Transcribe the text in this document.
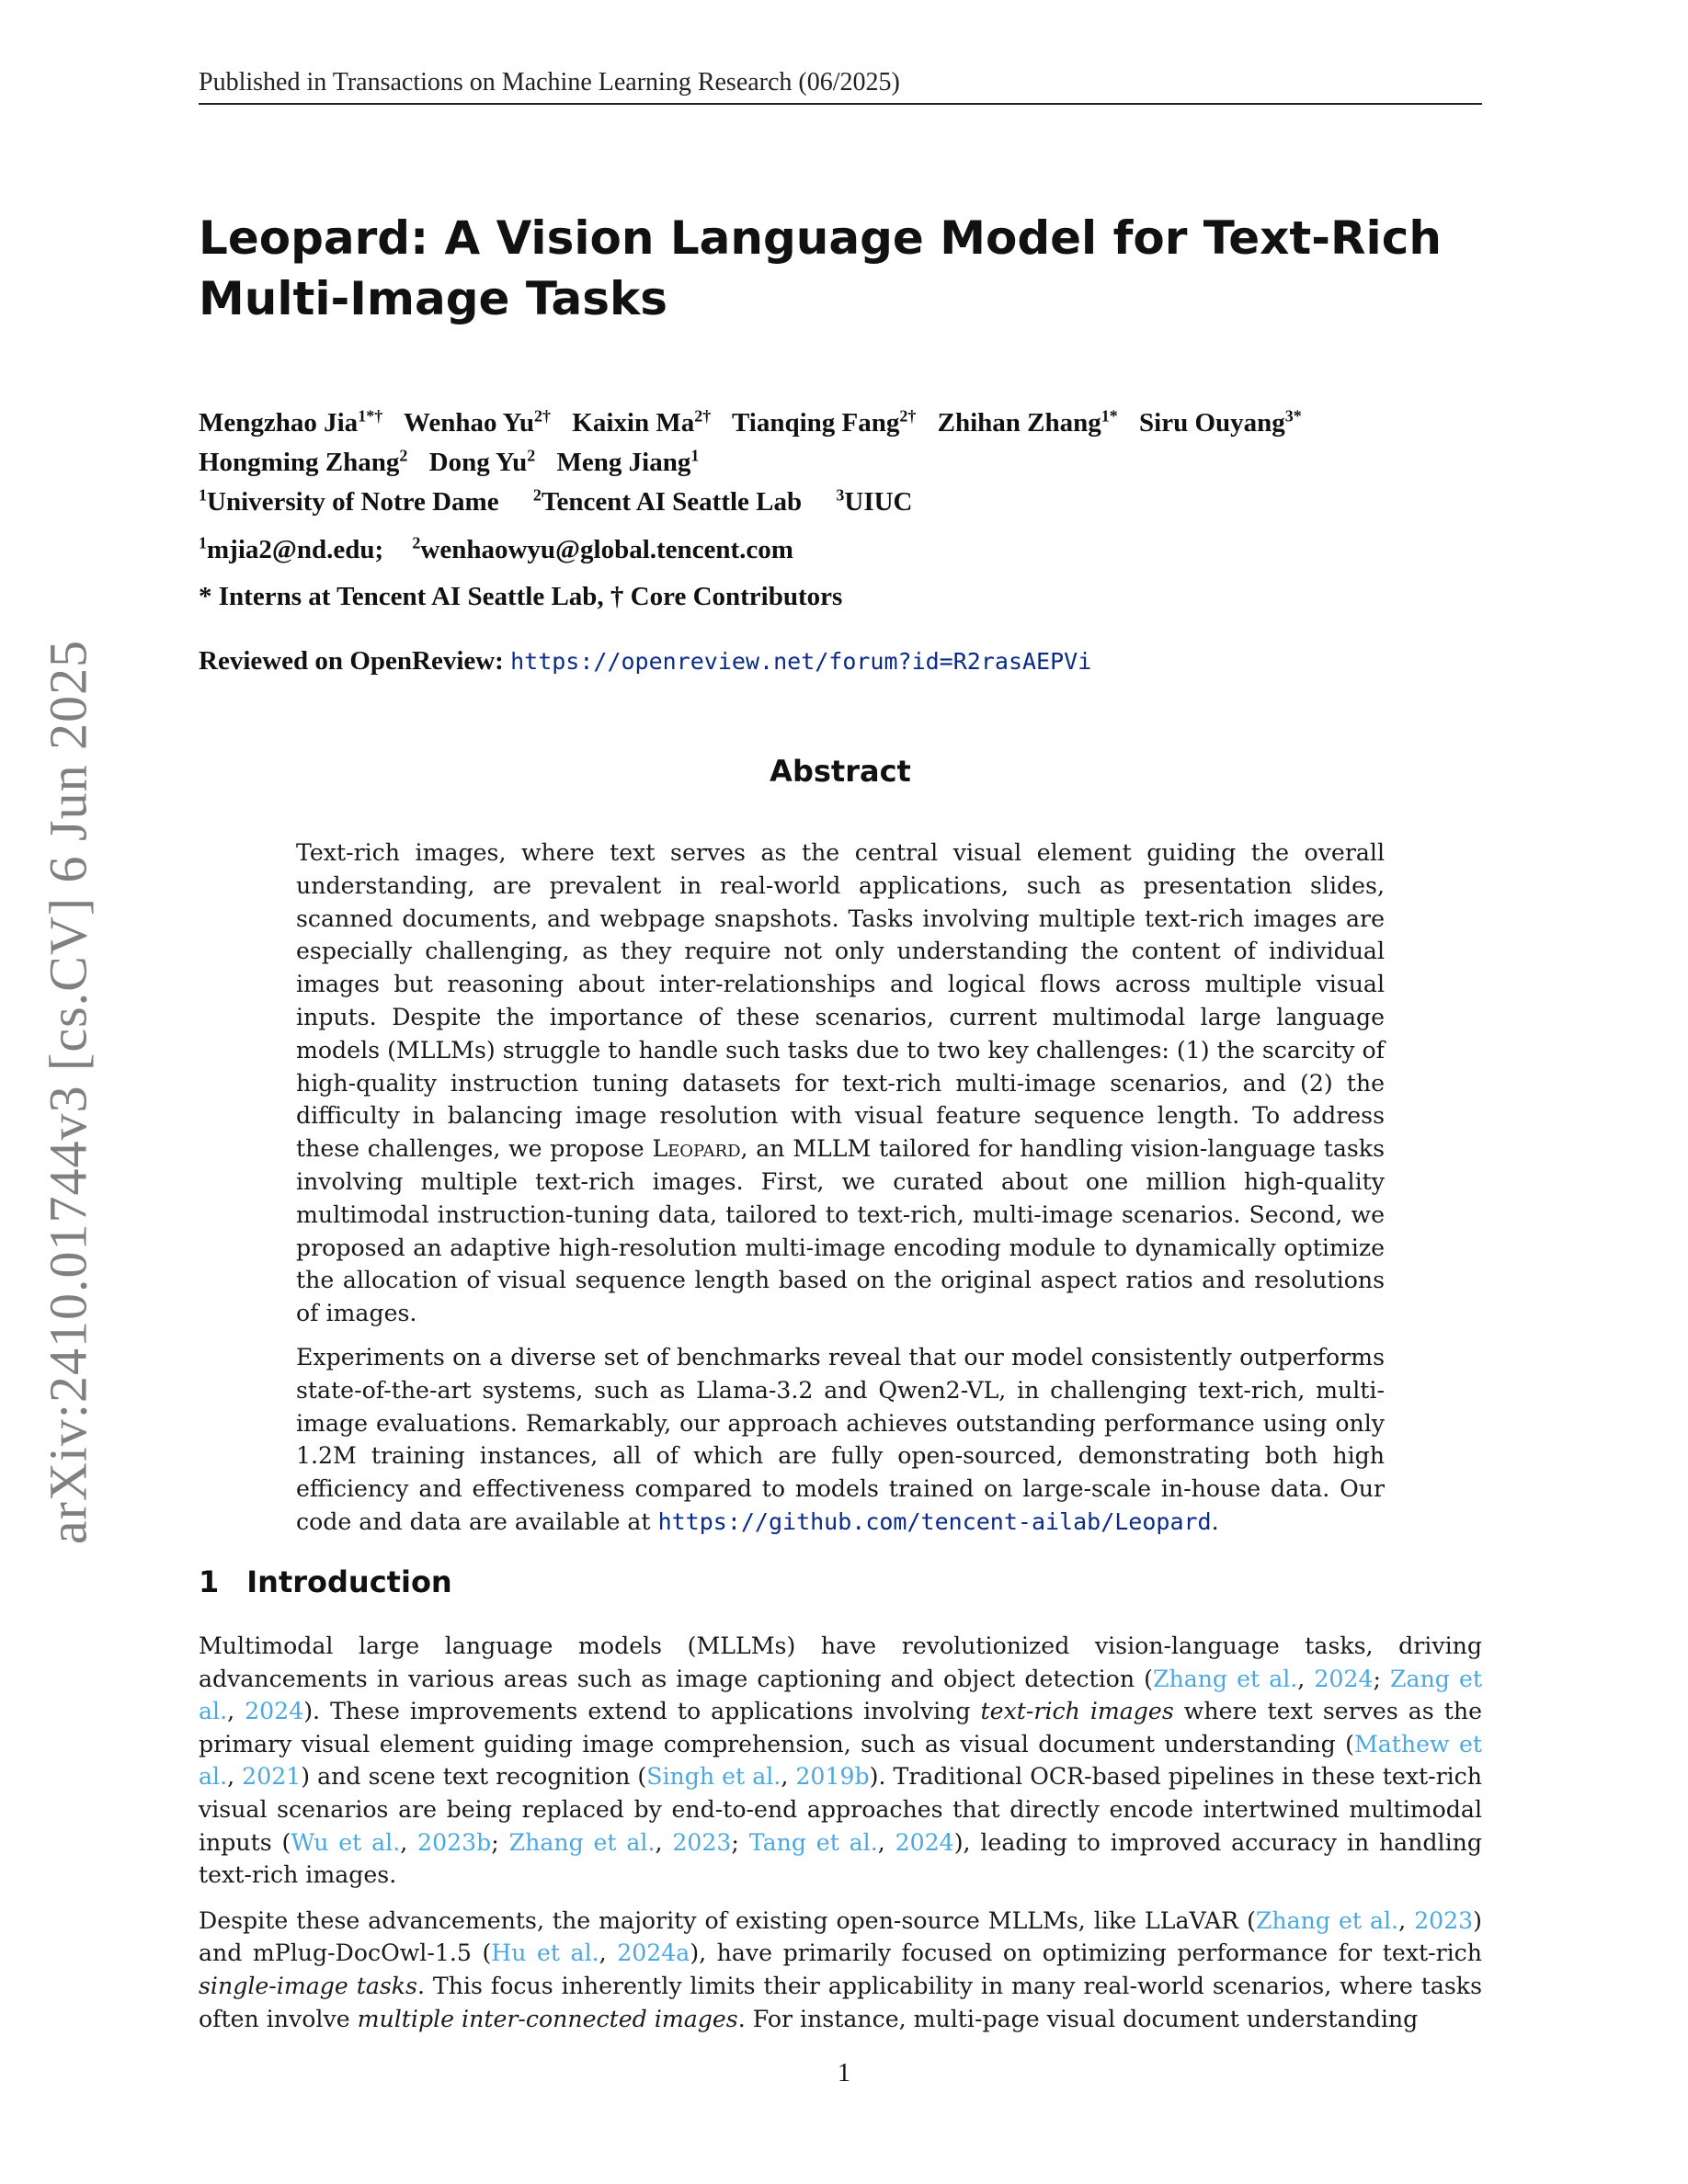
Published in Transactions on Machine Learning Research (06/2025)
arXiv:2410.01744v3 [cs.CV] 6 Jun 2025
Leopard: A Vision Language Model for Text-Rich Multi-Image Tasks
Mengzhao Jia$^{1*\dagger}$ Wenhao $Yu^{2\dagger}$ Kaixin $Ma^{2\dagger}$ Tianqing Fang$^{2\dagger}$ Zhihan Zhang$^{1*}$ Siru Ouyang$^{3*}$
Hongming Zhang$^2$ Dong Yu$^2$ Meng Jiang$^1$
$^1$University of Notre Dame $^2$Tencent AI Seattle Lab $^3$UIUC
$^1$mjia2@nd.edu; $^2$wenhaowyu@global.tencent.com
* Interns at Tencent AI Seattle Lab, † Core Contributors
Reviewed on OpenReview: https://openreview.net/forum?id=R2rasAEPVi
Abstract

Text-rich images, where text serves as the central visual element guiding the overall understanding, are prevalent in real-world applications, such as presentation slides, scanned documents, and webpage snapshots. Tasks involving multiple text-rich images are especially challenging, as they require not only understanding the content of individual images but reasoning about inter-relationships and logical flows across multiple visual inputs. Despite the importance of these scenarios, current multimodal large language models (MLLMs) struggle to handle such tasks due to two key challenges: (1) the scarcity of high-quality instruction tuning datasets for text-rich multi-image scenarios, and (2) the difficulty in balancing image resolution with visual feature sequence length. To address these challenges, we propose Leopard, an MLLM tailored for handling vision-language tasks involving multiple text-rich images. First, we curated about one million high-quality multimodal instruction-tuning data, tailored to text-rich, multi-image scenarios. Second, we proposed an adaptive high-resolution multi-image encoding module to dynamically optimize the allocation of visual sequence length based on the original aspect ratios and resolutions of images.

Experiments on a diverse set of benchmarks reveal that our model consistently outperforms state-of-the-art systems, such as Llama-3.2 and Qwen2-VL, in challenging text-rich, multi-image evaluations. Remarkably, our approach achieves outstanding performance using only 1.2M training instances, all of which are fully open-sourced, demonstrating both high efficiency and effectiveness compared to models trained on large-scale in-house data. Our code and data are available at https://github.com/tencent-ailab/Leopard.

1 Introduction

Multimodal large language models (MLLMs) have revolutionized vision-language tasks, driving advancements in various areas such as image captioning and object detection (Zhang et al., 2024; Zang et al., 2024). These improvements extend to applications involving text-rich images where text serves as the primary visual element guiding image comprehension, such as visual document understanding (Mathew et al., 2021) and scene text recognition (Singh et al., 2019b). Traditional OCR-based pipelines in these text-rich visual scenarios are being replaced by end-to-end approaches that directly encode intertwined multimodal inputs (Wu et al., 2023b; Zhang et al., 2023; Tang et al., 2024), leading to improved accuracy in handling text-rich images.

Despite these advancements, the majority of existing open-source MLLMs, like LLaVAR (Zhang et al., 2023) and mPlug-DocOwl-1.5 (Hu et al., 2024a), have primarily focused on optimizing performance for text-rich single-image tasks. This focus inherently limits their applicability in many real-world scenarios, where tasks often involve multiple inter-connected images. For instance, multi-page visual document understanding

1
